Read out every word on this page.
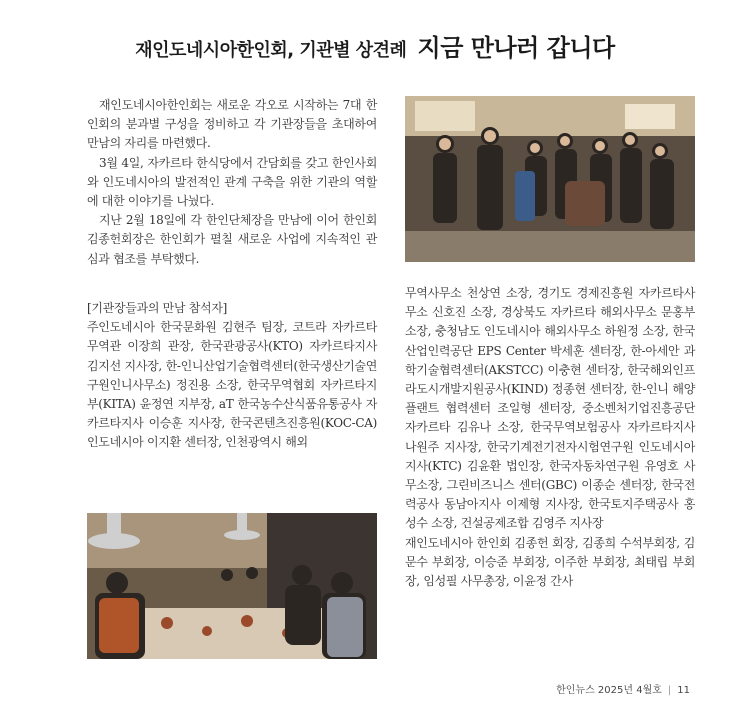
재인도네시아한인회, 기관별 상견례 지금 만나러 갑니다

재인도네시아한인회는 새로운 각오로 시작하는 7대 한인회의 분과별 구성을 정비하고 각 기관장들을 초대하여 만남의 자리를 마련했다.

3월 4일, 자카르타 한식당에서 간담회를 갖고 한인사회와 인도네시아의 발전적인 관계 구축을 위한 기관의 역할에 대한 이야기를 나눴다.

지난 2월 18일에 각 한인단체장을 만남에 이어 한인회 김종헌회장은 한인회가 펼칠 새로운 사업에 지속적인 관심과 협조를 부탁했다.

[기관장들과의 만남 참석자]

주인도네시아 한국문화원 김현주 팀장, 코트라 자카르타 무역관 이장희 관장, 한국관광공사(KTO) 자카르타지사 김지선 지사장, 한-인니산업기술협력센터(한국생산기술연구원인니사무소) 정진용 소장, 한국무역협회 자카르타지부(KITA) 윤정연 지부장, aT 한국농수산식품유통공사 자카르타지사 이승훈 지사장, 한국콘텐츠진흥원(KOC-CA) 인도네시아 이지환 센터장, 인천광역시 해외

무역사무소 천상연 소장, 경기도 경제진흥원 자카르타사무소 신호진 소장, 경상북도 자카르타 해외사무소 문홍부 소장, 충청남도 인도네시아 해외사무소 하원정 소장, 한국산업인력공단 EPS Center 박세훈 센터장, 한-아세안 과학기술협력센터(AKSTCC) 이충현 센터장, 한국해외인프라도시개발지원공사(KIND) 정종현 센터장, 한-인니 해양플랜트 협력센터 조일형 센터장, 중소벤처기업진흥공단 자카르타 김유나 소장, 한국무역보험공사 자카르타지사 나원주 지사장, 한국기계전기전자시험연구원 인도네시아지사(KTC) 김윤환 법인장, 한국자동차연구원 유영호 사무소장, 그린비즈니스 센터(GBC) 이종순 센터장, 한국전력공사 동남아지사 이제형 지사장, 한국토지주택공사 홍성수 소장, 건설공제조합 김영주 지사장

재인도네시아 한인회 김종헌 회장, 김종희 수석부회장, 김문수 부회장, 이승준 부회장, 이주한 부회장, 최태립 부회장, 임성필 사무총장, 이윤정 간사

한인뉴스 2025년 4월호 | 11
